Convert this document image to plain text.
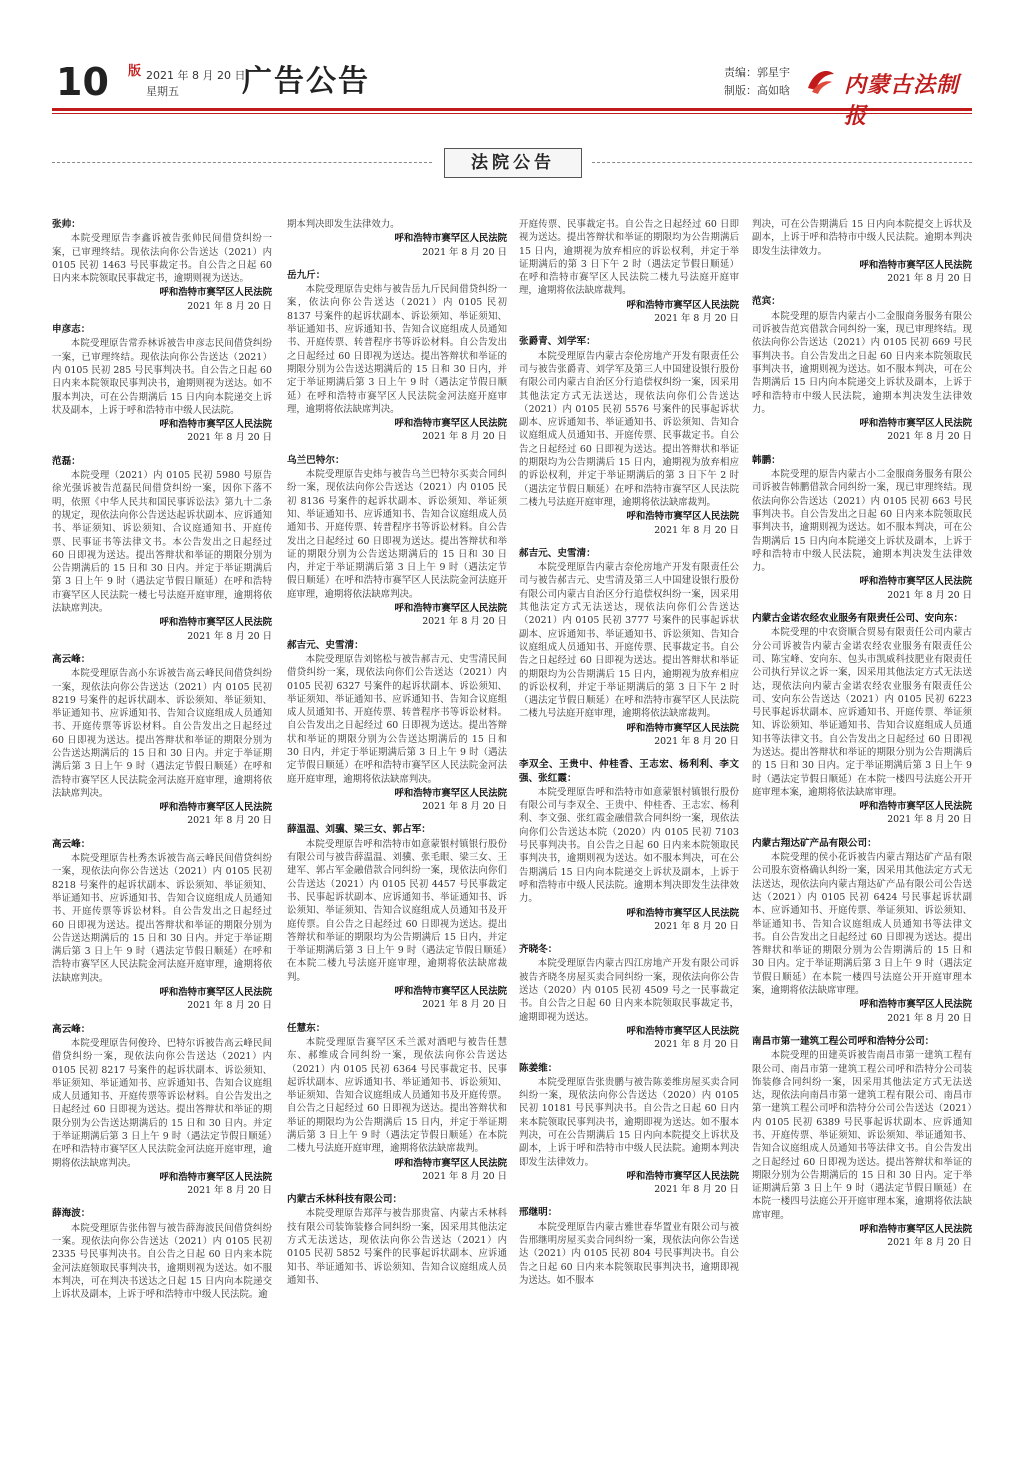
10 版 2021 年 8 月 20 日
星期五	广告公告	责编：郭星宇
制版：高如晗 内蒙古法制报
法院公告
张帅：

本院受理原告李鑫诉被告张帅民间借贷纠纷一案，已审理终结。现依法向你公告送达（2021）内 0105 民初 1463 号民事裁定书。自公告之日起 60 日内来本院领取民事裁定书，逾期则视为送达。

呼和浩特市赛罕区人民法院
2021 年 8 月 20 日
申彦志：

本院受理原告常乔林诉被告申彦志民间借贷纠纷一案，已审理终结。现依法向你公告送达（2021）内 0105 民初 285 号民事判决书。自公告之日起 60 日内来本院领取民事判决书，逾期则视为送达。如不服本判决，可在公告期满后 15 日内向本院递交上诉状及副本，上诉于呼和浩特市中级人民法院。

呼和浩特市赛罕区人民法院
2021 年 8 月 20 日
范磊：

本院受理（2021）内 0105 民初 5980 号原告徐光强诉被告范磊民间借贷纠纷一案，因你下落不明，依照《中华人民共和国民事诉讼法》第九十二条的规定，现依法向你公告送达起诉状副本、应诉通知书、举证须知、诉讼须知、合议庭通知书、开庭传票、民事证书等法律文书。本公告发出之日起经过 60 日即视为送达。提出答辩状和举证的期限分别为公告期满后的 15 日和 30 日内。并定于举证期满后第 3 日上午 9 时（遇法定节假日顺延）在呼和浩特市赛罕区人民法院一楼七号法庭开庭审理，逾期将依法缺席判决。

呼和浩特市赛罕区人民法院
2021 年 8 月 20 日
高云峰：

本院受理原告高小东诉被告高云峰民间借贷纠纷一案，现依法向你公告送达（2021）内 0105 民初 8219 号案件的起诉状副本、诉讼须知、举证须知、举证通知书、应诉通知书、告知合议庭组成人员通知书、开庭传票等诉讼材料。自公告发出之日起经过 60 日即视为送达。提出答辩状和举证的期限分别为公告送达期满后的 15 日和 30 日内。并定于举证期满后第 3 日上午 9 时（遇法定节假日顺延）在呼和浩特市赛罕区人民法院金河法庭开庭审理，逾期将依法缺席判决。

呼和浩特市赛罕区人民法院
2021 年 8 月 20 日
高云峰：

本院受理原告杜秀杰诉被告高云峰民间借贷纠纷一案，现依法向你公告送达（2021）内 0105 民初 8218 号案件的起诉状副本、诉讼须知、举证须知、举证通知书、应诉通知书、告知合议庭组成人员通知书、开庭传票等诉讼材料。自公告发出之日起经过 60 日即视为送达。提出答辩状和举证的期限分别为公告送达期满后的 15 日和 30 日内。并定于举证期满后第 3 日上午 9 时（遇法定节假日顺延）在呼和浩特市赛罕区人民法院金河法庭开庭审理，逾期将依法缺席判决。

呼和浩特市赛罕区人民法院
2021 年 8 月 20 日
高云峰：

本院受理原告何俊玲、巴特尔诉被告高云峰民间借贷纠纷一案，现依法向你公告送达（2021）内 0105 民初 8217 号案件的起诉状副本、诉讼须知、举证须知、举证通知书、应诉通知书、告知合议庭组成人员通知书、开庭传票等诉讼材料。自公告发出之日起经过 60 日即视为送达。提出答辩状和举证的期限分别为公告送达期满后的 15 日和 30 日内。并定于举证期满后第 3 日上午 9 时（遇法定节假日顺延）在呼和浩特市赛罕区人民法院金河法庭开庭审理，逾期将依法缺席判决。

呼和浩特市赛罕区人民法院
2021 年 8 月 20 日
薛海波：

本院受理原告张伟智与被告薛海波民间借贷纠纷一案。现依法向你公告送达（2021）内 0105 民初 2335 号民事判决书。自公告之日起 60 日内来本院金河法庭领取民事判决书，逾期则视为送达。如不服本判决，可在判决书送达之日起 15 日内向本院递交上诉状及副本，上诉于呼和浩特市中级人民法院。逾

期本判决即发生法律效力。

呼和浩特市赛罕区人民法院
2021 年 8 月 20 日
岳九斤：

本院受理原告史炜与被告岳九斤民间借贷纠纷一案，依法向你公告送达（2021）内 0105 民初 8137 号案件的起诉状副本、诉讼须知、举证须知、举证通知书、应诉通知书、告知合议庭组成人员通知书、开庭传票、转普程序书等诉讼材料。自公告发出之日起经过 60 日即视为送达。提出答辩状和举证的期限分别为公告送达期满后的 15 日和 30 日内，并定于举证期满后第 3 日上午 9 时（遇法定节假日顺延）在呼和浩特市赛罕区人民法院金河法庭开庭审理，逾期将依法缺席判决。

呼和浩特市赛罕区人民法院
2021 年 8 月 20 日
乌兰巴特尔：

本院受理原告史炜与被告乌兰巴特尔买卖合同纠纷一案，现依法向你公告送达（2021）内 0105 民初 8136 号案件的起诉状副本、诉讼须知、举证须知、举证通知书、应诉通知书、告知合议庭组成人员通知书、开庭传票、转普程序书等诉讼材料。自公告发出之日起经过 60 日即视为送达。提出答辩状和举证的期限分别为公告送达期满后的 15 日和 30 日内，并定于举证期满后第 3 日上午 9 时（遇法定节假日顺延）在呼和浩特市赛罕区人民法院金河法庭开庭审理，逾期将依法缺席判决。

呼和浩特市赛罕区人民法院
2021 年 8 月 20 日
郝吉元、史雪清：

本院受理原告刘铭松与被告郝吉元、史雪清民间借贷纠纷一案，现依法向你们公告送达（2021）内 0105 民初 6327 号案件的起诉状副本、诉讼须知、举证须知、举证通知书、应诉通知书、告知合议庭组成人员通知书、开庭传票、转普程序书等诉讼材料。自公告发出之日起经过 60 日即视为送达。提出答辩状和举证的期限分别为公告送达期满后的 15 日和 30 日内，并定于举证期满后第 3 日上午 9 时（遇法定节假日顺延）在呼和浩特市赛罕区人民法院金河法庭开庭审理，逾期将依法缺席判决。

呼和浩特市赛罕区人民法院
2021 年 8 月 20 日
薛温温、刘骥、梁三女、郭占军：

本院受理原告呼和浩特市如意蒙银村镇银行股份有限公司与被告薛温温、刘骥、张毛眼、梁三女、王建军、郭占军金融借款合同纠纷一案，现依法向你们公告送达（2021）内 0105 民初 4457 号民事裁定书、民事起诉状副本、应诉通知书、举证通知书、诉讼须知、举证须知、告知合议庭组成人员通知书及开庭传票。自公告之日起经过 60 日即视为送达。提出答辩状和举证的期限均为公告期满后 15 日内，并定于举证期满后第 3 日上午 9 时（遇法定节假日顺延）在本院二楼九号法庭开庭审理，逾期将依法缺席裁判。

呼和浩特市赛罕区人民法院
2021 年 8 月 20 日
任慧东：

本院受理原告赛罕区禾兰派对酒吧与被告任慧东、郝维成合同纠纷一案，现依法向你公告送达（2021）内 0105 民初 6364 号民事裁定书、民事起诉状副本、应诉通知书、举证通知书、诉讼须知、举证须知、告知合议庭组成人员通知书及开庭传票。自公告之日起经过 60 日即视为送达。提出答辩状和举证的期限均为公告期满后 15 日内，并定于举证期满后第 3 日上午 9 时（遇法定节假日顺延）在本院二楼九号法庭开庭审理，逾期将依法缺席裁判。

呼和浩特市赛罕区人民法院
2021 年 8 月 20 日
内蒙古禾林科技有限公司：

本院受理原告郑萍与被告那贵富、内蒙古禾林科技有限公司装饰装修合同纠纷一案，因采用其他法定方式无法送达，现依法向你公告送达（2021）内 0105 民初 5852 号案件的民事起诉状副本、应诉通知书、举证通知书、诉讼须知、告知合议庭组成人员通知书、

开庭传票、民事裁定书。自公告之日起经过 60 日即视为送达。提出答辩状和举证的期限均为公告期满后 15 日内，逾期视为放弃相应的诉讼权利，并定于举证期满后的第 3 日下午 2 时（遇法定节假日顺延）在呼和浩特市赛罕区人民法院二楼九号法庭开庭审理，逾期将依法缺席裁判。

呼和浩特市赛罕区人民法院
2021 年 8 月 20 日
张爵青、刘学军：

本院受理原告内蒙古奈伦房地产开发有限责任公司与被告张爵青、刘学军及第三人中国建设银行股份有限公司内蒙古自治区分行追偿权纠纷一案，因采用其他法定方式无法送达，现依法向你们公告送达（2021）内 0105 民初 5576 号案件的民事起诉状副本、应诉通知书、举证通知书、诉讼须知、告知合议庭组成人员通知书、开庭传票、民事裁定书。自公告之日起经过 60 日即视为送达。提出答辩状和举证的期限均为公告期满后 15 日内，逾期视为放弃相应的诉讼权利，并定于举证期满后的第 3 日下午 2 时（遇法定节假日顺延）在呼和浩特市赛罕区人民法院二楼九号法庭开庭审理，逾期将依法缺席裁判。

呼和浩特市赛罕区人民法院
2021 年 8 月 20 日
郝吉元、史雪清：

本院受理原告内蒙古奈伦房地产开发有限责任公司与被告郝吉元、史雪清及第三人中国建设银行股份有限公司内蒙古自治区分行追偿权纠纷一案，因采用其他法定方式无法送达，现依法向你们公告送达（2021）内 0105 民初 3777 号案件的民事起诉状副本、应诉通知书、举证通知书、诉讼须知、告知合议庭组成人员通知书、开庭传票、民事裁定书。自公告之日起经过 60 日即视为送达。提出答辩状和举证的期限均为公告期满后 15 日内，逾期视为放弃相应的诉讼权利，并定于举证期满后的第 3 日下午 2 时（遇法定节假日顺延）在呼和浩特市赛罕区人民法院二楼九号法庭开庭审理，逾期将依法缺席裁判。

呼和浩特市赛罕区人民法院
2021 年 8 月 20 日
李双全、王贵中、仲桂香、王志宏、杨利利、李文强、张红霞：

本院受理原告呼和浩特市如意蒙银村镇银行股份有限公司与李双全、王贵中、仲桂香、王志宏、杨利利、李文强、张红霞金融借款合同纠纷一案，现依法向你们公告送达本院（2020）内 0105 民初 7103 号民事判决书。自公告之日起 60 日内来本院领取民事判决书，逾期则视为送达。如不服本判决，可在公告期满后 15 日内向本院递交上诉状及副本，上诉于呼和浩特市中级人民法院。逾期本判决即发生法律效力。

呼和浩特市赛罕区人民法院
2021 年 8 月 20 日
齐晓冬：

本院受理原告内蒙古四江房地产开发有限公司诉被告齐晓冬房屋买卖合同纠纷一案，现依法向你公告送达（2020）内 0105 民初 4509 号之一民事裁定书。自公告之日起 60 日内来本院领取民事裁定书，逾期即视为送达。

呼和浩特市赛罕区人民法院
2021 年 8 月 20 日
陈姜维：

本院受理原告张贵鹏与被告陈姜维房屋买卖合同纠纷一案，现依法向你公告送达（2020）内 0105 民初 10181 号民事判决书。自公告之日起 60 日内来本院领取民事判决书，逾期即视为送达。如不服本判决，可在公告期满后 15 日内向本院提交上诉状及副本，上诉于呼和浩特市中级人民法院。逾期本判决即发生法律效力。

呼和浩特市赛罕区人民法院
2021 年 8 月 20 日
邢继明：

本院受理原告内蒙古雅世春华置业有限公司与被告邢继明房屋买卖合同纠纷一案，现依法向你公告送达（2021）内 0105 民初 804 号民事判决书。自公告之日起 60 日内来本院领取民事判决书，逾期即视为送达。如不服本

判决，可在公告期满后 15 日内向本院提交上诉状及副本，上诉于呼和浩特市中级人民法院。逾期本判决即发生法律效力。

呼和浩特市赛罕区人民法院
2021 年 8 月 20 日
范宾：

本院受理的原告内蒙古小二金服商务服务有限公司诉被告范宾借款合同纠纷一案，现已审理终结。现依法向你公告送达（2021）内 0105 民初 669 号民事判决书。自公告发出之日起 60 日内来本院领取民事判决书，逾期则视为送达。如不服本判决，可在公告期满后 15 日内向本院递交上诉状及副本，上诉于呼和浩特市中级人民法院，逾期本判决发生法律效力。

呼和浩特市赛罕区人民法院
2021 年 8 月 20 日
韩鹏：

本院受理的原告内蒙古小二金服商务服务有限公司诉被告韩鹏借款合同纠纷一案，现已审理终结。现依法向你公告送达（2021）内 0105 民初 663 号民事判决书。自公告发出之日起 60 日内来本院领取民事判决书，逾期则视为送达。如不服本判决，可在公告期满后 15 日内向本院递交上诉状及副本，上诉于呼和浩特市中级人民法院，逾期本判决发生法律效力。

呼和浩特市赛罕区人民法院
2021 年 8 月 20 日
内蒙古金诺农经农业服务有限责任公司、安向东：

本院受理的中农资顺合贸易有限责任公司内蒙古分公司诉被告内蒙古金诺农经农业服务有限责任公司、陈宝峰、安向东、包头市凯威科技肥业有限责任公司执行异议之诉一案，因采用其他法定方式无法送达，现依法向内蒙古金诺农经农业服务有限责任公司、安向东公告送达（2021）内 0105 民初 6223 号民事起诉状副本、应诉通知书、开庭传票、举证须知、诉讼须知、举证通知书、告知合议庭组成人员通知书等法律文书。自公告发出之日起经过 60 日即视为送达。提出答辩状和举证的期限分别为公告期满后的 15 日和 30 日内。定于举证期满后第 3 日上午 9 时（遇法定节假日顺延）在本院一楼四号法庭公开开庭审理本案，逾期将依法缺席审理。

呼和浩特市赛罕区人民法院
2021 年 8 月 20 日
内蒙古翔达矿产品有限公司：

本院受理的侯小花诉被告内蒙古翔达矿产品有限公司股东资格确认纠纷一案，因采用其他法定方式无法送达，现依法向内蒙古翔达矿产品有限公司公告送达（2021）内 0105 民初 6424 号民事起诉状副本、应诉通知书、开庭传票、举证须知、诉讼须知、举证通知书、告知合议庭组成人员通知书等法律文书。自公告发出之日起经过 60 日即视为送达。提出答辩状和举证的期限分别为公告期满后的 15 日和 30 日内。定于举证期满后第 3 日上午 9 时（遇法定节假日顺延）在本院一楼四号法庭公开开庭审理本案，逾期将依法缺席审理。

呼和浩特市赛罕区人民法院
2021 年 8 月 20 日
南昌市第一建筑工程公司呼和浩特分公司：

本院受理的田建英诉被告南昌市第一建筑工程有限公司、南昌市第一建筑工程公司呼和浩特分公司装饰装修合同纠纷一案，因采用其他法定方式无法送达，现依法向南昌市第一建筑工程有限公司、南昌市第一建筑工程公司呼和浩特分公司公告送达（2021）内 0105 民初 6389 号民事起诉状副本、应诉通知书、开庭传票、举证须知、诉讼须知、举证通知书、告知合议庭组成人员通知书等法律文书。自公告发出之日起经过 60 日即视为送达。提出答辩状和举证的期限分别为公告期满后的 15 日和 30 日内。定于举证期满后第 3 日上午 9 时（遇法定节假日顺延）在本院一楼四号法庭公开开庭审理本案，逾期将依法缺席审理。

呼和浩特市赛罕区人民法院
2021 年 8 月 20 日
